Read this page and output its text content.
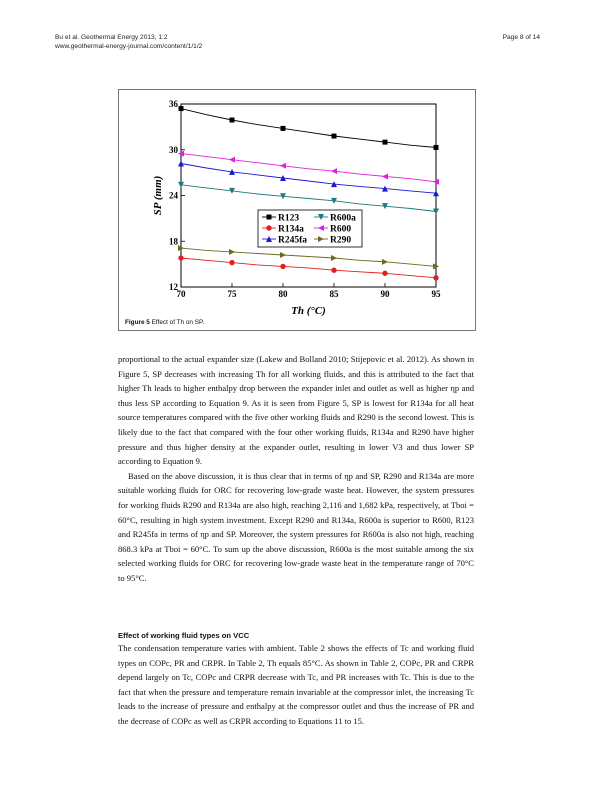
Bu et al. Geothermal Energy 2013, 1:2
www.geothermal-energy-journal.com/content/1/1/2
Page 8 of 14
70	75	80	85	90	95
12
18
24
30
36
Th (°C)
SP (mm)
R123
R134a
R245fa
R600a
R600
R290
Figure 5 Effect of Th on SP.

proportional to the actual expander size (Lakew and Bolland 2010; Stijepovic et al. 2012). As shown in Figure 5, SP decreases with increasing Th for all working fluids, and this is attributed to the fact that higher Th leads to higher enthalpy drop between the expander inlet and outlet as well as higher ηp and thus less SP according to Equation 9. As it is seen from Figure 5, SP is lowest for R134a for all heat source temperatures compared with the five other working fluids and R290 is the second lowest. This is likely due to the fact that compared with the four other working fluids, R134a and R290 have higher pressure and thus higher density at the expander outlet, resulting in lower V3 and thus lower SP according to Equation 9.

Based on the above discussion, it is thus clear that in terms of ηp and SP, R290 and R134a are more suitable working fluids for ORC for recovering low-grade waste heat. However, the system pressures for working fluids R290 and R134a are also high, reaching 2,116 and 1,682 kPa, respectively, at Tboi = 60°C, resulting in high system investment. Except R290 and R134a, R600a is superior to R600, R123 and R245fa in terms of ηp and SP. Moreover, the system pressures for R600a is also not high, reaching 868.3 kPa at Tboi = 60°C. To sum up the above discussion, R600a is the most suitable among the six selected working fluids for ORC for recovering low-grade waste heat in the temperature range of 70°C to 95°C.

Effect of working fluid types on VCC

The condensation temperature varies with ambient. Table 2 shows the effects of Tc and working fluid types on COPc, PR and CRPR. In Table 2, Th equals 85°C. As shown in Table 2, COPc, PR and CRPR depend largely on Tc, COPc and CRPR decrease with Tc, and PR increases with Tc. This is due to the fact that when the pressure and temperature remain invariable at the compressor inlet, the increasing Tc leads to the increase of pressure and enthalpy at the compressor outlet and thus the increase of PR and the decrease of COPc as well as CRPR according to Equations 11 to 15.
